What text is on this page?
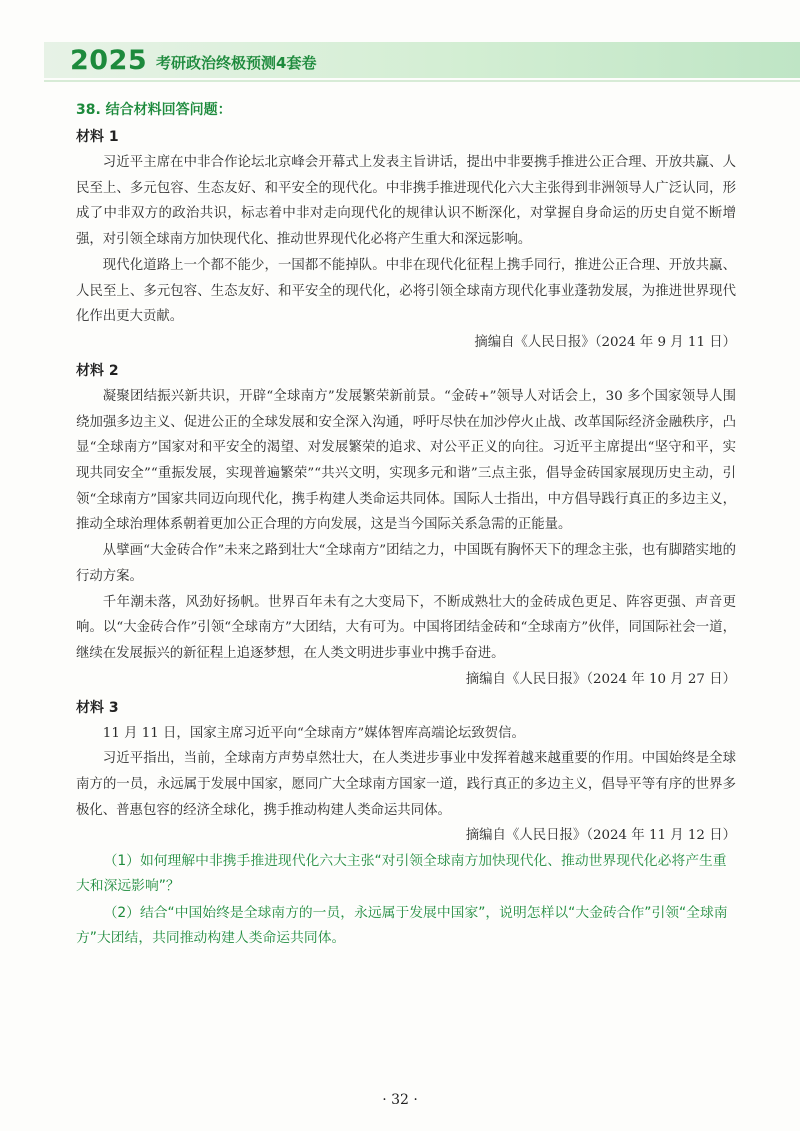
2025 考研政治终极预测4套卷
38. 结合材料回答问题：
材料 1

习近平主席在中非合作论坛北京峰会开幕式上发表主旨讲话，提出中非要携手推进公正合理、开放共赢、人民至上、多元包容、生态友好、和平安全的现代化。中非携手推进现代化六大主张得到非洲领导人广泛认同，形成了中非双方的政治共识，标志着中非对走向现代化的规律认识不断深化，对掌握自身命运的历史自觉不断增强，对引领全球南方加快现代化、推动世界现代化必将产生重大和深远影响。

现代化道路上一个都不能少，一国都不能掉队。中非在现代化征程上携手同行，推进公正合理、开放共赢、人民至上、多元包容、生态友好、和平安全的现代化，必将引领全球南方现代化事业蓬勃发展，为推进世界现代化作出更大贡献。

摘编自《人民日报》（2024 年 9 月 11 日）

材料 2

凝聚团结振兴新共识，开辟“全球南方”发展繁荣新前景。“金砖+”领导人对话会上，30 多个国家领导人围绕加强多边主义、促进公正的全球发展和安全深入沟通，呼吁尽快在加沙停火止战、改革国际经济金融秩序，凸显“全球南方”国家对和平安全的渴望、对发展繁荣的追求、对公平正义的向往。习近平主席提出“坚守和平，实现共同安全”“重振发展，实现普遍繁荣”“共兴文明，实现多元和谐”三点主张，倡导金砖国家展现历史主动，引领“全球南方”国家共同迈向现代化，携手构建人类命运共同体。国际人士指出，中方倡导践行真正的多边主义，推动全球治理体系朝着更加公正合理的方向发展，这是当今国际关系急需的正能量。

从擘画“大金砖合作”未来之路到壮大“全球南方”团结之力，中国既有胸怀天下的理念主张，也有脚踏实地的行动方案。

千年潮未落，风劲好扬帆。世界百年未有之大变局下，不断成熟壮大的金砖成色更足、阵容更强、声音更响。以“大金砖合作”引领“全球南方”大团结，大有可为。中国将团结金砖和“全球南方”伙伴，同国际社会一道，继续在发展振兴的新征程上追逐梦想，在人类文明进步事业中携手奋进。

摘编自《人民日报》（2024 年 10 月 27 日）

材料 3

11 月 11 日，国家主席习近平向“全球南方”媒体智库高端论坛致贺信。

习近平指出，当前，全球南方声势卓然壮大，在人类进步事业中发挥着越来越重要的作用。中国始终是全球南方的一员，永远属于发展中国家，愿同广大全球南方国家一道，践行真正的多边主义，倡导平等有序的世界多极化、普惠包容的经济全球化，携手推动构建人类命运共同体。

摘编自《人民日报》（2024 年 11 月 12 日）

（1）如何理解中非携手推进现代化六大主张“对引领全球南方加快现代化、推动世界现代化必将产生重大和深远影响”？

（2）结合“中国始终是全球南方的一员，永远属于发展中国家”，说明怎样以“大金砖合作”引领“全球南方”大团结，共同推动构建人类命运共同体。

· 32 ·
